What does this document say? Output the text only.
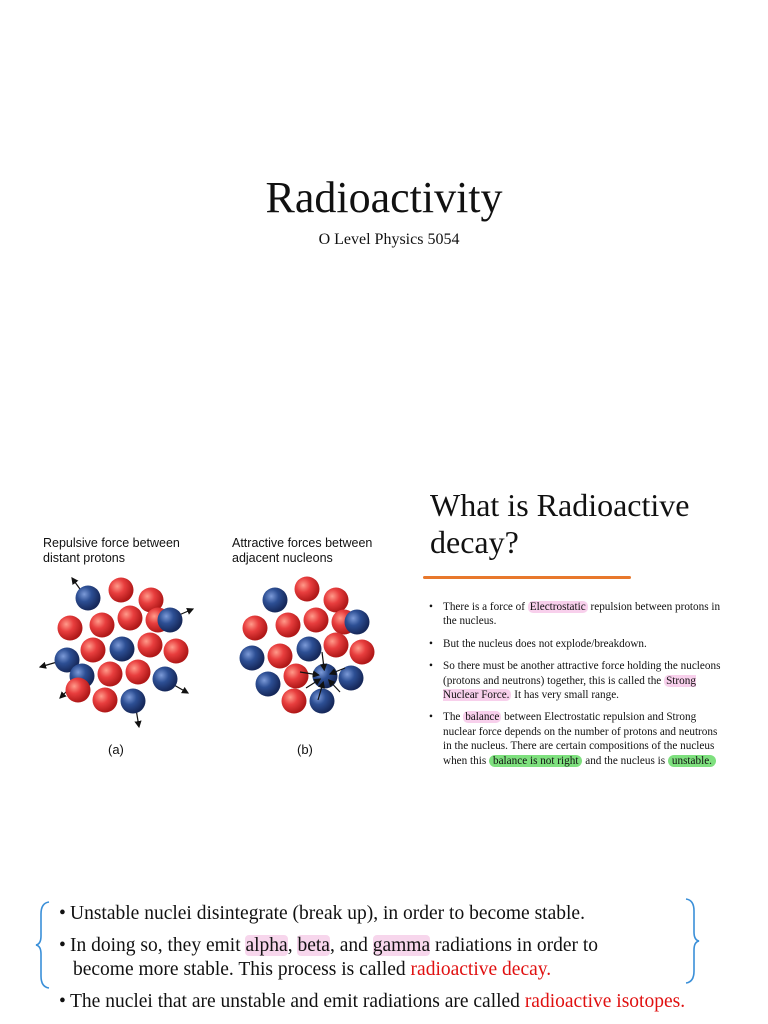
Radioactivity
O Level Physics 5054
Repulsive force between distant protons
Attractive forces between adjacent nucleons
(a)	(b)
What is Radioactive decay?
• There is a force of Electrostatic repulsion between protons in the nucleus.
• But the nucleus does not explode/breakdown.
• So there must be another attractive force holding the nucleons (protons and neutrons) together, this is called the Strong Nuclear Force. It has very small range.
• The balance between Electrostatic repulsion and Strong nuclear force depends on the number of protons and neutrons in the nucleus. There are certain compositions of the nucleus when this balance is not right and the nucleus is unstable.
• Unstable nuclei disintegrate (break up), in order to become stable.
• In doing so, they emit alpha, beta, and gamma radiations in order to
become more stable. This process is called radioactive decay.
• The nuclei that are unstable and emit radiations are called radioactive isotopes.
